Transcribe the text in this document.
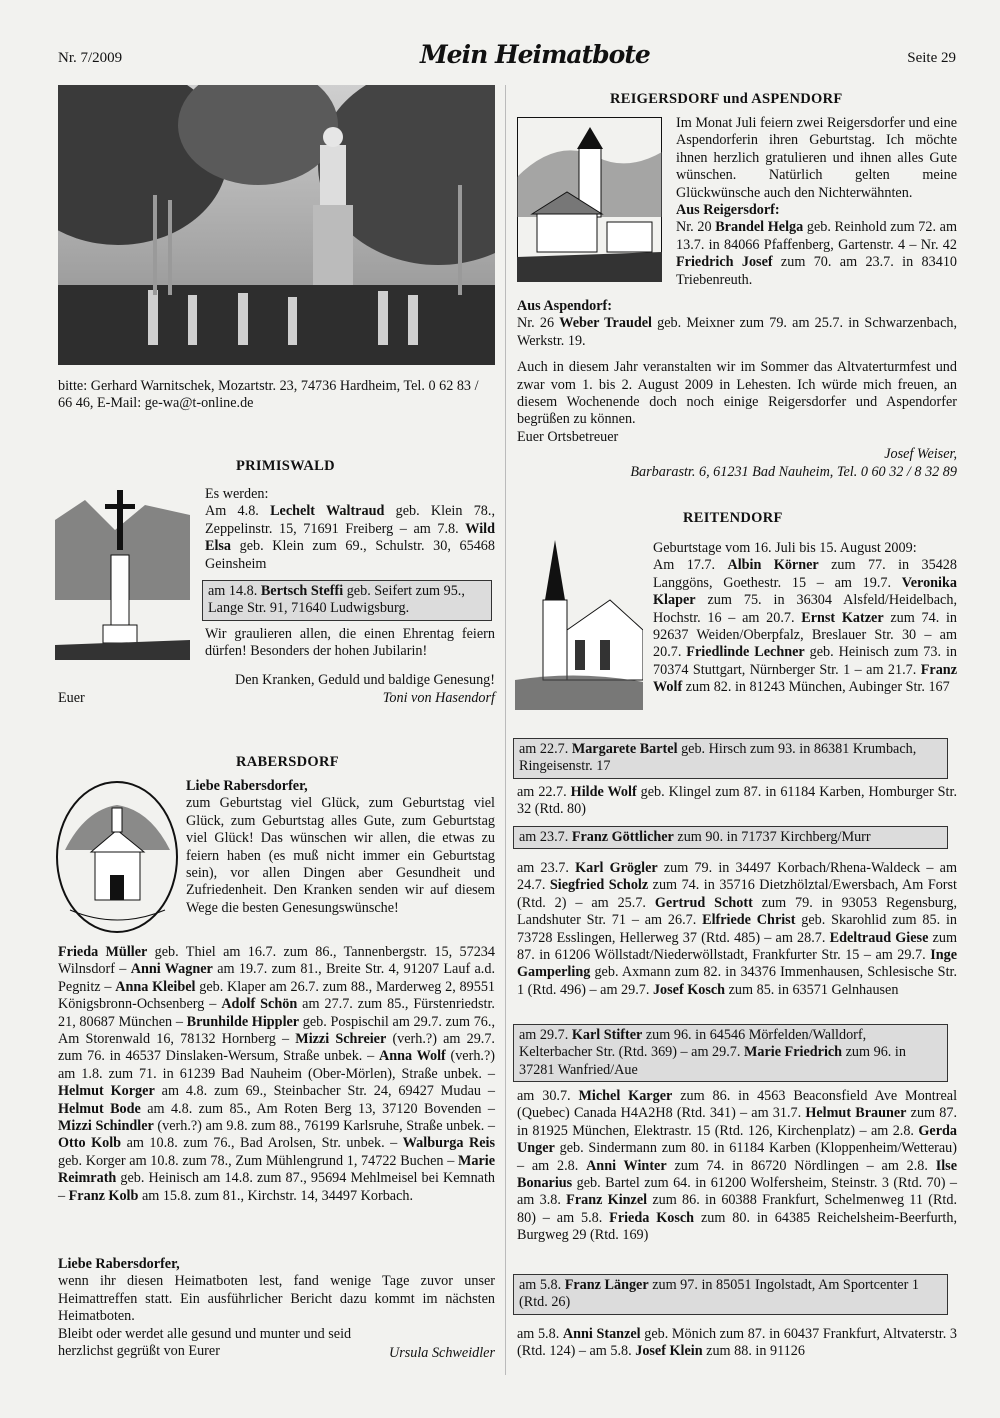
Nr. 7/2009	Mein Heimatbote	Seite 29
bitte: Gerhard Warnitschek, Mozartstr. 23, 74736 Hardheim, Tel. 0 62 83 / 66 46, E-Mail: ge-wa@t-online.de
PRIMISWALD

Es werden:

Am 4.8. Lechelt Waltraud geb. Klein 78., Zeppelinstr. 15, 71691 Freiberg – am 7.8. Wild Elsa geb. Klein zum 69., Schulstr. 30, 65468 Geinsheim

am 14.8. Bertsch Steffi geb. Seifert zum 95., Lange Str. 91, 71640 Ludwigsburg.
Wir graulieren allen, die einen Ehrentag feiern dürfen! Besonders der hohen Jubilarin!
Den Kranken, Geduld und baldige Genesung!
Euer	Toni von Hasendorf
RABERSDORF

Liebe Rabersdorfer,

zum Geburtstag viel Glück, zum Geburtstag viel Glück, zum Geburtstag alles Gute, zum Geburtstag viel Glück! Das wünschen wir allen, die etwas zu feiern haben (es muß nicht immer ein Geburtstag sein), vor allen Dingen aber Gesundheit und Zufriedenheit. Den Kranken senden wir auf diesem Wege die besten Genesungswünsche!

Frieda Müller geb. Thiel am 16.7. zum 86., Tannenbergstr. 15, 57234 Wilnsdorf – Anni Wagner am 19.7. zum 81., Breite Str. 4, 91207 Lauf a.d. Pegnitz – Anna Kleibel geb. Klaper am 26.7. zum 88., Marderweg 2, 89551 Königsbronn-Ochsenberg – Adolf Schön am 27.7. zum 85., Fürstenriedstr. 21, 80687 München – Brunhilde Hippler geb. Pospischil am 29.7. zum 76., Am Storenwald 16, 78132 Hornberg – Mizzi Schreier (verh.?) am 29.7. zum 76. in 46537 Dinslaken-Wersum, Straße unbek. – Anna Wolf (verh.?) am 1.8. zum 71. in 61239 Bad Nauheim (Ober-Mörlen), Straße unbek. – Helmut Korger am 4.8. zum 69., Steinbacher Str. 24, 69427 Mudau – Helmut Bode am 4.8. zum 85., Am Roten Berg 13, 37120 Bovenden – Mizzi Schindler (verh.?) am 9.8. zum 88., 76199 Karlsruhe, Straße unbek. – Otto Kolb am 10.8. zum 76., Bad Arolsen, Str. unbek. – Walburga Reis geb. Korger am 10.8. zum 78., Zum Mühlengrund 1, 74722 Buchen – Marie Reimrath geb. Heinisch am 14.8. zum 87., 95694 Mehlmeisel bei Kemnath – Franz Kolb am 15.8. zum 81., Kirchstr. 14, 34497 Korbach.

Liebe Rabersdorfer,

wenn ihr diesen Heimatboten lest, fand wenige Tage zuvor unser Heimattreffen statt. Ein ausführlicher Bericht dazu kommt im nächsten Heimatboten.

Bleibt oder werdet alle gesund und munter und seid herzlichst gegrüßt von Eurer	Ursula Schweidler
REIGERSDORF und ASPENDORF

Im Monat Juli feiern zwei Reigersdorfer und eine Aspendorferin ihren Geburtstag. Ich möchte ihnen herzlich gratulieren und ihnen alles Gute wünschen. Natürlich gelten meine Glückwünsche auch den Nichterwähnten.

Aus Reigersdorf:

Nr. 20 Brandel Helga geb. Reinhold zum 72. am 13.7. in 84066 Pfaffenberg, Gartenstr. 4 – Nr. 42 Friedrich Josef zum 70. am 23.7. in 83410 Triebenreuth.

Aus Aspendorf:

Nr. 26 Weber Traudel geb. Meixner zum 79. am 25.7. in Schwarzenbach, Werkstr. 19.

Auch in diesem Jahr veranstalten wir im Sommer das Altvaterturmfest und zwar vom 1. bis 2. August 2009 in Lehesten. Ich würde mich freuen, an diesem Wochenende doch noch einige Reigersdorfer und Aspendorfer begrüßen zu können.

Euer Ortsbetreuer

Josef Weiser,
Barbarastr. 6, 61231 Bad Nauheim, Tel. 0 60 32 / 8 32 89
REITENDORF

Geburtstage vom 16. Juli bis 15. August 2009:

Am 17.7. Albin Körner zum 77. in 35428 Langgöns, Goethestr. 15 – am 19.7. Veronika Klaper zum 75. in 36304 Alsfeld/Heidelbach, Hochstr. 16 – am 20.7. Ernst Katzer zum 74. in 92637 Weiden/Oberpfalz, Breslauer Str. 30 – am 20.7. Friedlinde Lechner geb. Heinisch zum 73. in 70374 Stuttgart, Nürnberger Str. 1 – am 21.7. Franz Wolf zum 82. in 81243 München, Aubinger Str. 167

am 22.7. Margarete Bartel geb. Hirsch zum 93. in 86381 Krumbach, Ringeisenstr. 17
am 22.7. Hilde Wolf geb. Klingel zum 87. in 61184 Karben, Homburger Str. 32 (Rtd. 80)
am 23.7. Franz Göttlicher zum 90. in 71737 Kirchberg/Murr
am 23.7. Karl Grögler zum 79. in 34497 Korbach/Rhena-Waldeck – am 24.7. Siegfried Scholz zum 74. in 35716 Dietzhölztal/Ewersbach, Am Forst (Rtd. 2) – am 25.7. Gertrud Schott zum 79. in 93053 Regensburg, Landshuter Str. 71 – am 26.7. Elfriede Christ geb. Skarohlid zum 85. in 73728 Esslingen, Hellerweg 37 (Rtd. 485) – am 28.7. Edeltraud Giese zum 87. in 61206 Wöllstadt/Niederwöllstadt, Frankfurter Str. 15 – am 29.7. Inge Gamperling geb. Axmann zum 82. in 34376 Immenhausen, Schlesische Str. 1 (Rtd. 496) – am 29.7. Josef Kosch zum 85. in 63571 Gelnhausen
am 29.7. Karl Stifter zum 96. in 64546 Mörfelden/Walldorf, Kelterbacher Str. (Rtd. 369) – am 29.7. Marie Friedrich zum 96. in 37281 Wanfried/Aue
am 30.7. Michel Karger zum 86. in 4563 Beaconsfield Ave Montreal (Quebec) Canada H4A2H8 (Rtd. 341) – am 31.7. Helmut Brauner zum 87. in 81925 München, Elektrastr. 15 (Rtd. 126, Kirchenplatz) – am 2.8. Gerda Unger geb. Sindermann zum 80. in 61184 Karben (Kloppenheim/Wetterau) – am 2.8. Anni Winter zum 74. in 86720 Nördlingen – am 2.8. Ilse Bonarius geb. Bartel zum 64. in 61200 Wolfersheim, Steinstr. 3 (Rtd. 70) – am 3.8. Franz Kinzel zum 86. in 60388 Frankfurt, Schelmenweg 11 (Rtd. 80) – am 5.8. Frieda Kosch zum 80. in 64385 Reichelsheim-Beerfurth, Burgweg 29 (Rtd. 169)
am 5.8. Franz Länger zum 97. in 85051 Ingolstadt, Am Sportcenter 1 (Rtd. 26)
am 5.8. Anni Stanzel geb. Mönich zum 87. in 60437 Frankfurt, Altvaterstr. 3 (Rtd. 124) – am 5.8. Josef Klein zum 88. in 91126
